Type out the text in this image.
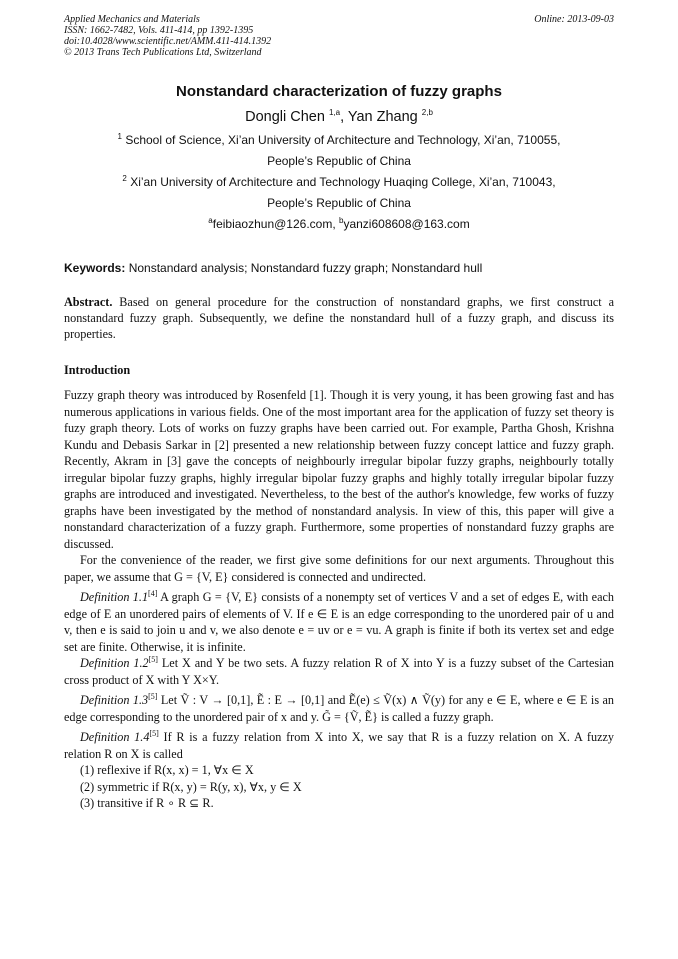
Applied Mechanics and Materials
ISSN: 1662-7482, Vols. 411-414, pp 1392-1395
doi:10.4028/www.scientific.net/AMM.411-414.1392
© 2013 Trans Tech Publications Ltd, Switzerland
Online: 2013-09-03
Nonstandard characterization of fuzzy graphs
Dongli Chen $^{1,a}$, Yan Zhang $^{2,b}$
$^1$ School of Science, Xi’an University of Architecture and Technology, Xi’an, 710055,
People’s Republic of China
$^2$ Xi’an University of Architecture and Technology Huaqing College, Xi’an, 710043,
People’s Republic of China
$^a$feibiaozhun@126.com, $^b$yanzi608608@163.com
Keywords: Nonstandard analysis; Nonstandard fuzzy graph; Nonstandard hull
Abstract. Based on general procedure for the construction of nonstandard graphs, we first construct a nonstandard fuzzy graph. Subsequently, we define the nonstandard hull of a fuzzy graph, and discuss its properties.
Introduction

Fuzzy graph theory was introduced by Rosenfeld [1]. Though it is very young, it has been growing fast and has numerous applications in various fields. One of the most important area for the application of fuzzy set theory is fuzy graph theory. Lots of works on fuzzy graphs have been carried out. For example, Partha Ghosh, Krishna Kundu and Debasis Sarkar in [2] presented a new relationship between fuzzy concept lattice and fuzzy graph. Recently, Akram in [3] gave the concepts of neighbourly irregular bipolar fuzzy graphs, neighbourly totally irregular bipolar fuzzy graphs, highly irregular bipolar fuzzy graphs and highly totally irregular bipolar fuzzy graphs are introduced and investigated. Nevertheless, to the best of the author's knowledge, few works of fuzzy graphs have been investigated by the method of nonstandard analysis. In view of this, this paper will give a nonstandard characterization of a fuzzy graph. Furthermore, some properties of nonstandard fuzzy graphs are discussed.

For the convenience of the reader, we first give some definitions for our next arguments. Throughout this paper, we assume that G = {V, E} considered is connected and undirected.

Definition 1.1[4] A graph G = {V, E} consists of a nonempty set of vertices V and a set of edges E, with each edge of E an unordered pairs of elements of V. If e ∈ E is an edge corresponding to the unordered pair of u and v, then e is said to join u and v, we also denote e = uv or e = vu. A graph is finite if both its vertex set and edge set are finite. Otherwise, it is infinite.

Definition 1.2[5] Let X and Y be two sets. A fuzzy relation R of X into Y is a fuzzy subset of the Cartesian cross product of X with Y X×Y.

Definition 1.3[5] Let Ṽ : V → [0,1], Ẽ : E → [0,1] and Ẽ(e) ≤ Ṽ(x) ∧ Ṽ(y) for any e ∈ E, where e ∈ E is an edge corresponding to the unordered pair of x and y. G̃ = {Ṽ, Ẽ} is called a fuzzy graph.

Definition 1.4[5] If R is a fuzzy relation from X into X, we say that R is a fuzzy relation on X. A fuzzy relation R on X is called

(1) reflexive if R(x, x) = 1, ∀x ∈ X

(2) symmetric if R(x, y) = R(y, x), ∀x, y ∈ X

(3) transitive if R ∘ R ⊆ R.
